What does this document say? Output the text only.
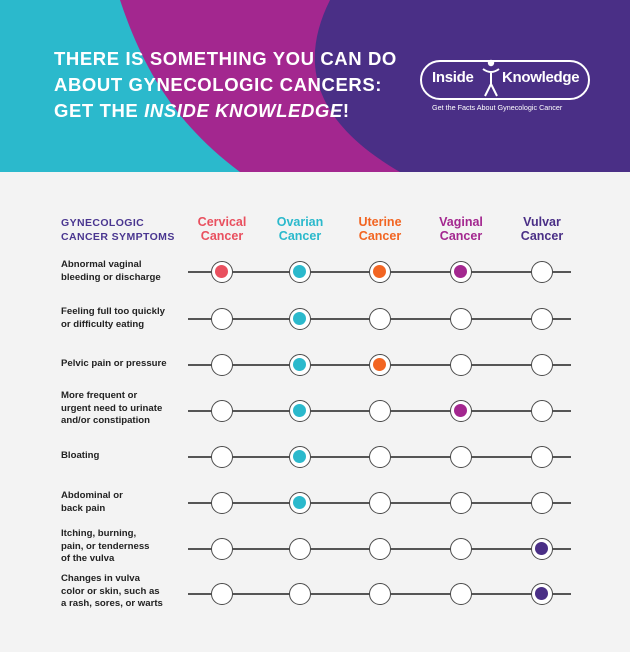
THERE IS SOMETHING YOU CAN DO
ABOUT GYNECOLOGIC CANCERS:
GET THE INSIDE KNOWLEDGE!
Inside Knowledge
Get the Facts About Gynecologic Cancer
GYNECOLOGIC
CANCER SYMPTOMS
Cervical
Cancer
Ovarian
Cancer
Uterine
Cancer
Vaginal
Cancer
Vulvar
Cancer
Abnormal vaginal
bleeding or discharge
Feeling full too quickly
or difficulty eating
Pelvic pain or pressure
More frequent or
urgent need to urinate
and/or constipation
Bloating
Abdominal or
back pain
Itching, burning,
pain, or tenderness
of the vulva
Changes in vulva
color or skin, such as
a rash, sores, or warts
